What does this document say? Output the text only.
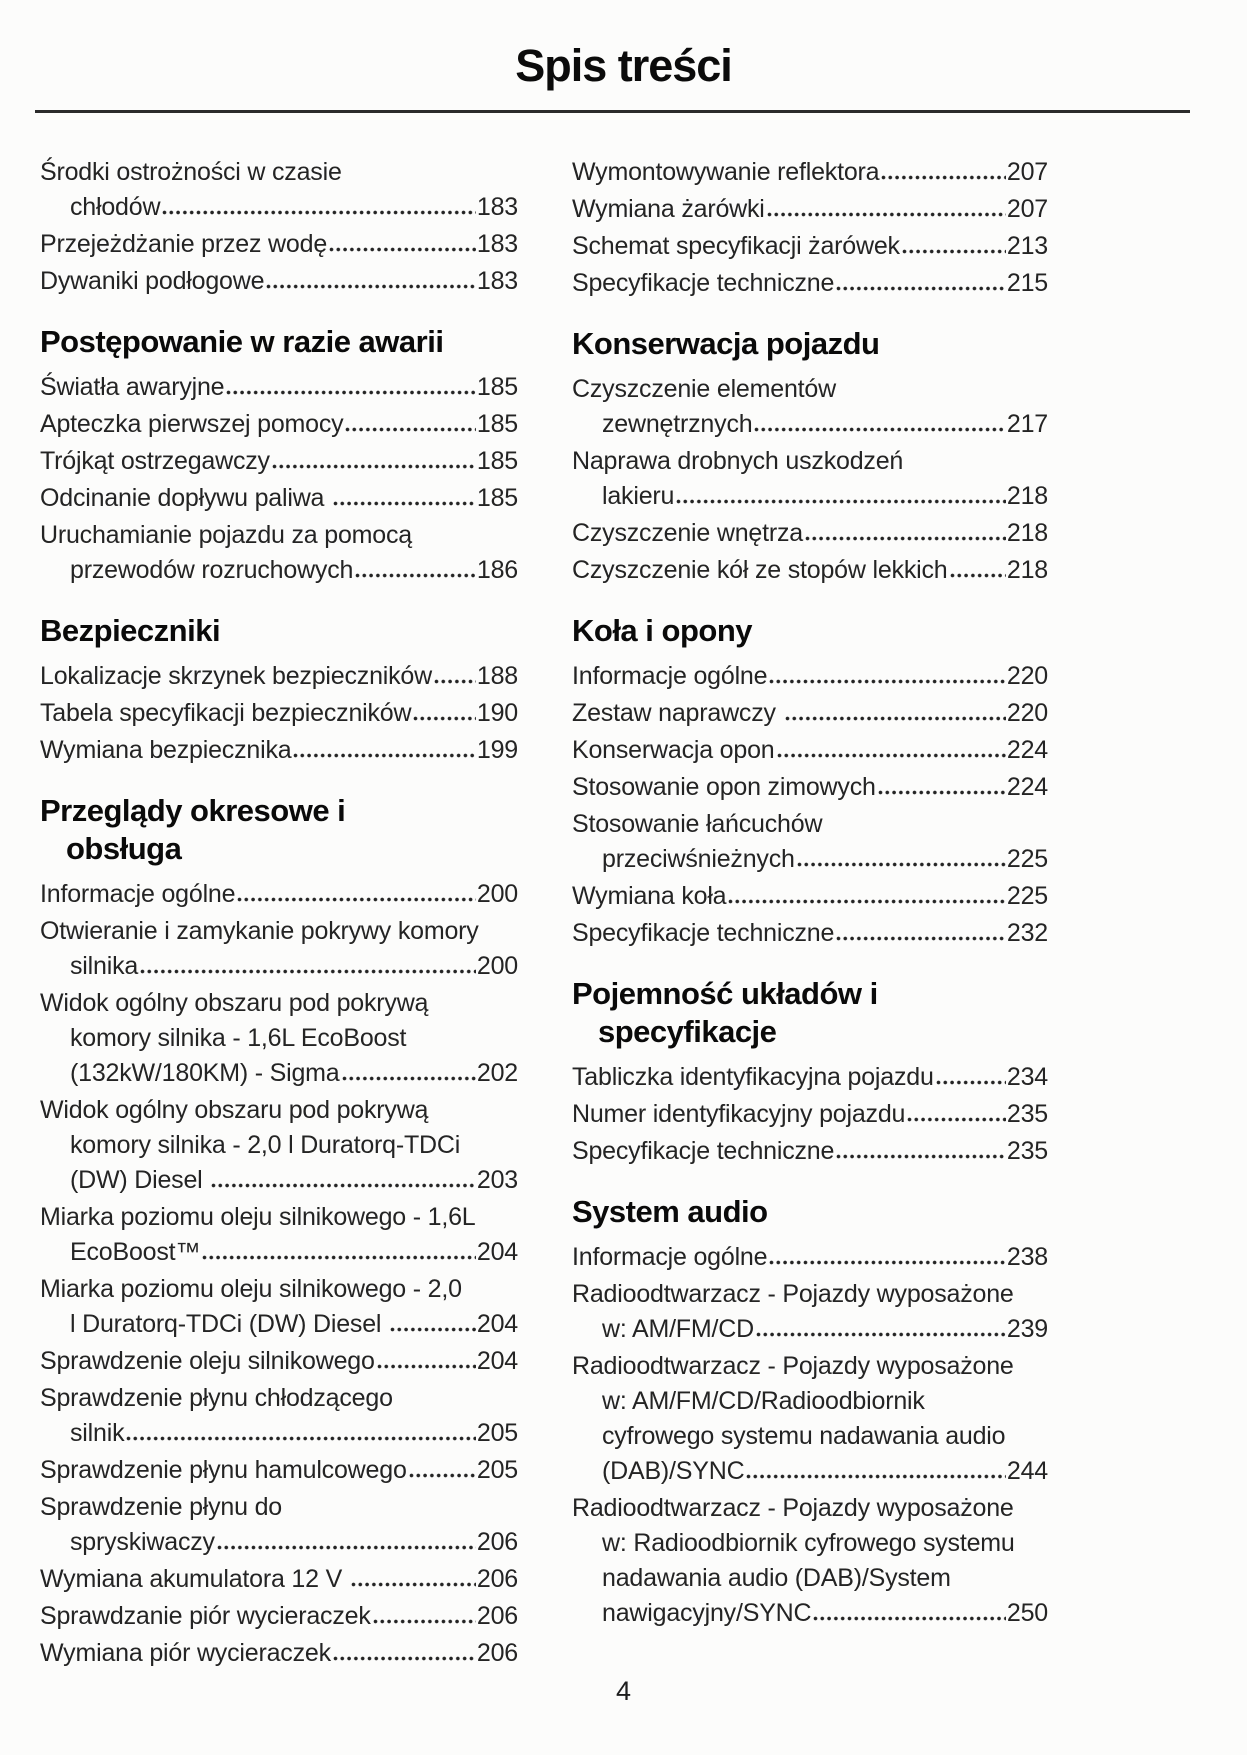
Spis treści
Środki ostrożności w czasie
chłodów	183
Przejeżdżanie przez wodę	183
Dywaniki podłogowe	183
Postępowanie w razie awarii
Światła awaryjne	185
Apteczka pierwszej pomocy	185
Trójkąt ostrzegawczy	185
Odcinanie dopływu paliwa	185
Uruchamianie pojazdu za pomocą
przewodów rozruchowych	186
Bezpieczniki
Lokalizacje skrzynek bezpieczników 188
Tabela specyfikacji bezpieczników	190
Wymiana bezpiecznika	199
Przeglądy okresowe i
obsługa
Informacje ogólne	200
Otwieranie i zamykanie pokrywy komory
silnika	200
Widok ogólny obszaru pod pokrywą
komory silnika - 1,6L EcoBoost
(132kW/180KM) - Sigma	202
Widok ogólny obszaru pod pokrywą
komory silnika - 2,0 l Duratorq-TDCi
(DW) Diesel	203
Miarka poziomu oleju silnikowego - 1,6L
EcoBoost™	204
Miarka poziomu oleju silnikowego - 2,0
l Duratorq-TDCi (DW) Diesel	204
Sprawdzenie oleju silnikowego	204
Sprawdzenie płynu chłodzącego
silnik	205
Sprawdzenie płynu hamulcowego	205
Sprawdzenie płynu do
spryskiwaczy	206
Wymiana akumulatora 12 V	206
Sprawdzanie piór wycieraczek	206
Wymiana piór wycieraczek	206
Wymontowywanie reflektora	207
Wymiana żarówki	207
Schemat specyfikacji żarówek	213
Specyfikacje techniczne	215
Konserwacja pojazdu
Czyszczenie elementów
zewnętrznych	217
Naprawa drobnych uszkodzeń
lakieru	218
Czyszczenie wnętrza	218
Czyszczenie kół ze stopów lekkich 218
Koła i opony
Informacje ogólne	220
Zestaw naprawczy	220
Konserwacja opon	224
Stosowanie opon zimowych	224
Stosowanie łańcuchów
przeciwśnieżnych	225
Wymiana koła	225
Specyfikacje techniczne	232
Pojemność układów i
specyfikacje
Tabliczka identyfikacyjna pojazdu	234
Numer identyfikacyjny pojazdu	235
Specyfikacje techniczne	235
System audio
Informacje ogólne	238
Radioodtwarzacz - Pojazdy wyposażone
w: AM/FM/CD	239
Radioodtwarzacz - Pojazdy wyposażone
w: AM/FM/CD/Radioodbiornik
cyfrowego systemu nadawania audio
(DAB)/SYNC	244
Radioodtwarzacz - Pojazdy wyposażone
w: Radioodbiornik cyfrowego systemu
nadawania audio (DAB)/System
nawigacyjny/SYNC	250
4
